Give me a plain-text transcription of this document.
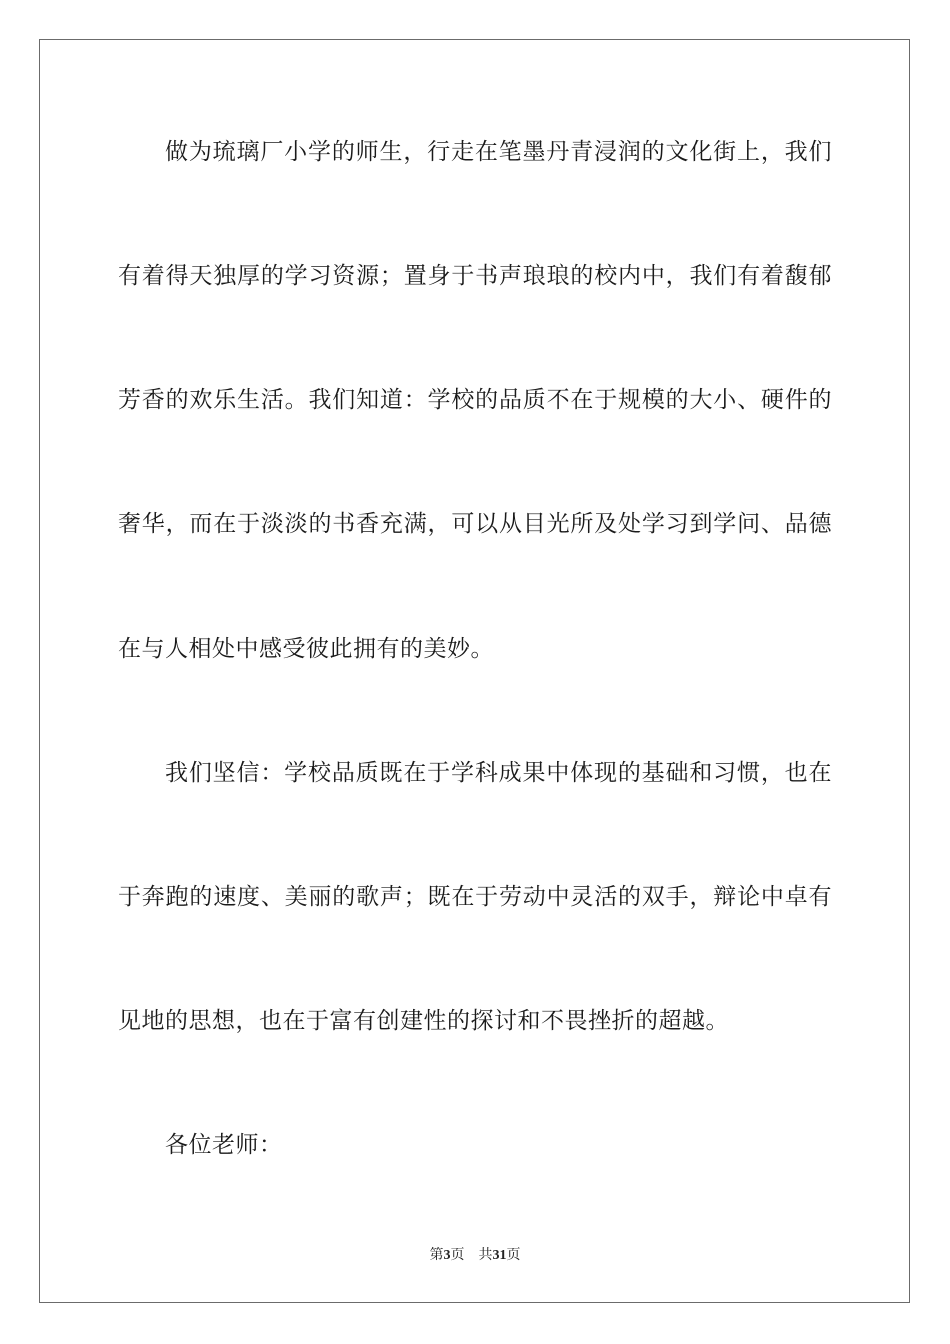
做为琉璃厂小学的师生，行走在笔墨丹青浸润的文化街上，我们
有着得天独厚的学习资源；置身于书声琅琅的校内中，我们有着馥郁
芳香的欢乐生活。我们知道：学校的品质不在于规模的大小、硬件的
奢华，而在于淡淡的书香充满，可以从目光所及处学习到学问、品德
在与人相处中感受彼此拥有的美妙。
我们坚信：学校品质既在于学科成果中体现的基础和习惯，也在
于奔跑的速度、美丽的歌声；既在于劳动中灵活的双手，辩论中卓有
见地的思想，也在于富有创建性的探讨和不畏挫折的超越。
各位老师：
第3页 共31页
